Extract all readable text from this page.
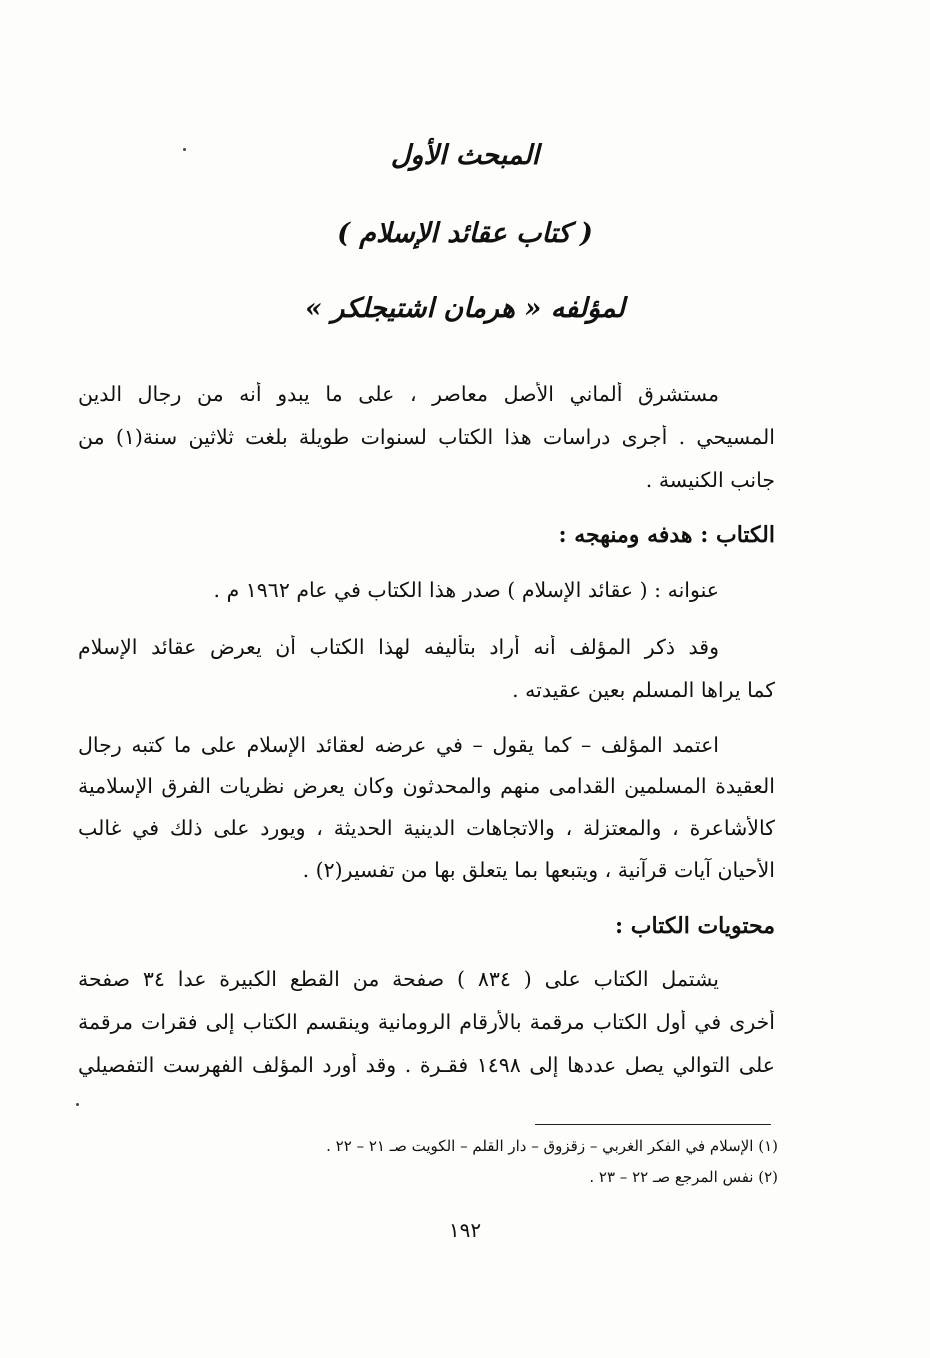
المبحث الأول
( كتاب عقائد الإسلام )
لمؤلفه « هرمان اشتيجلكر »
مستشرق ألماني الأصل معاصر ، على ما يبدو أنه من رجال الدين
المسيحي . أجرى دراسات هذا الكتاب لسنوات طويلة بلغت ثلاثين سنة(١) من
جانب الكنيسة .
الكتاب : هدفه ومنهجه :
عنوانه : ( عقائد الإسلام ) صدر هذا الكتاب في عام ١٩٦٢ م .
وقد ذكر المؤلف أنه أراد بتأليفه لهذا الكتاب أن يعرض عقائد الإسلام
كما يراها المسلم بعين عقيدته .
اعتمد المؤلف – كما يقول – في عرضه لعقائد الإسلام على ما كتبه رجال
العقيدة المسلمين القدامى منهم والمحدثون وكان يعرض نظريات الفرق الإسلامية
كالأشاعرة ، والمعتزلة ، والاتجاهات الدينية الحديثة ، ويورد على ذلك في غالب
الأحيان آيات قرآنية ، ويتبعها بما يتعلق بها من تفسير(٢) .
محتويات الكتاب :
يشتمل الكتاب على ( ٨٣٤ ) صفحة من القطع الكبيرة عدا ٣٤ صفحة
أخرى في أول الكتاب مرقمة بالأرقام الرومانية وينقسم الكتاب إلى فقرات مرقمة
على التوالي يصل عددها إلى ١٤٩٨ فقـرة . وقد أورد المؤلف الفهرست التفصيلي
(١) الإسلام في الفكر الغربي – زقزوق – دار القلم – الكويت صـ ٢١ – ٢٢ .
(٢) نفس المرجع صـ ٢٢ – ٢٣ .
١٩٢
